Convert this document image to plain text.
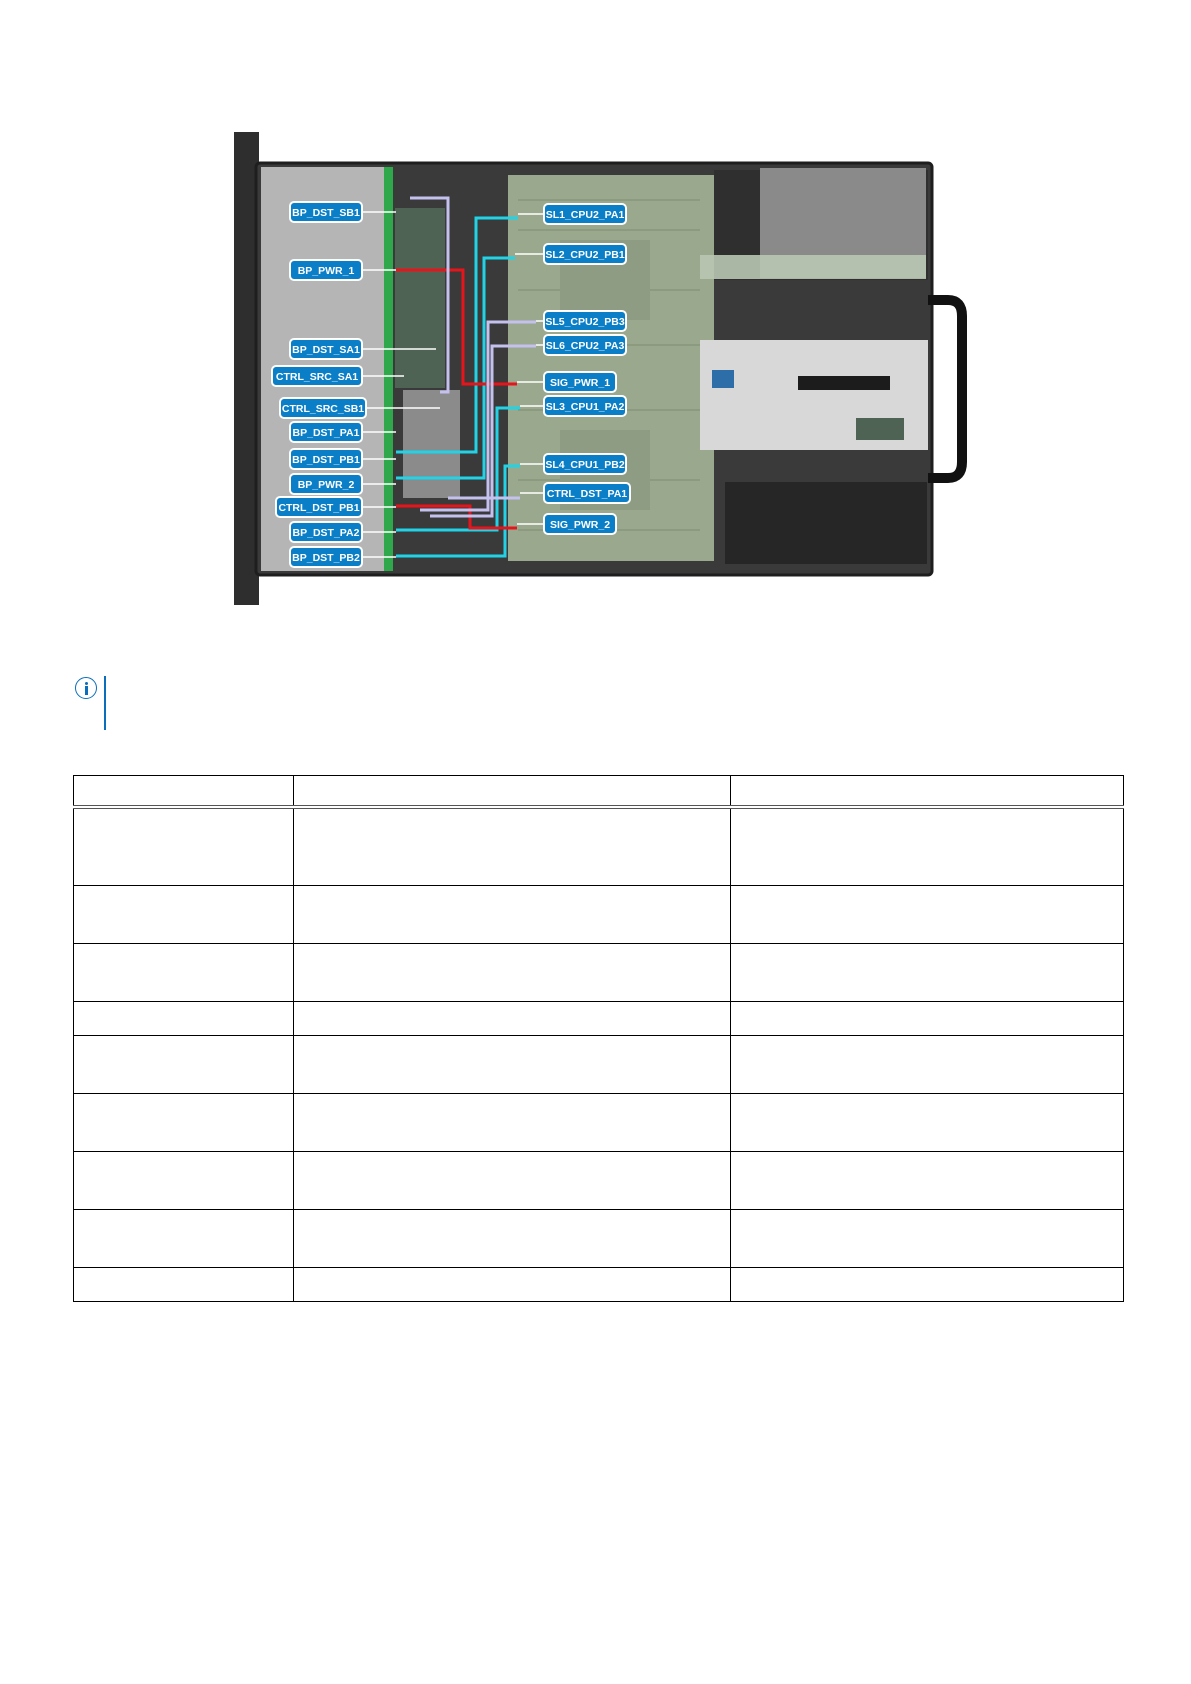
BP_DST_SB1
BP_PWR_1
BP_DST_SA1
CTRL_SRC_SA1
CTRL_SRC_SB1
BP_DST_PA1
BP_DST_PB1
BP_PWR_2
CTRL_DST_PB1
BP_DST_PA2
BP_DST_PB2
SL1_CPU2_PA1
SL2_CPU2_PB1
SL5_CPU2_PB3
SL6_CPU2_PA3
SIG_PWR_1
SL3_CPU1_PA2
SL4_CPU1_PB2
CTRL_DST_PA1
SIG_PWR_2
